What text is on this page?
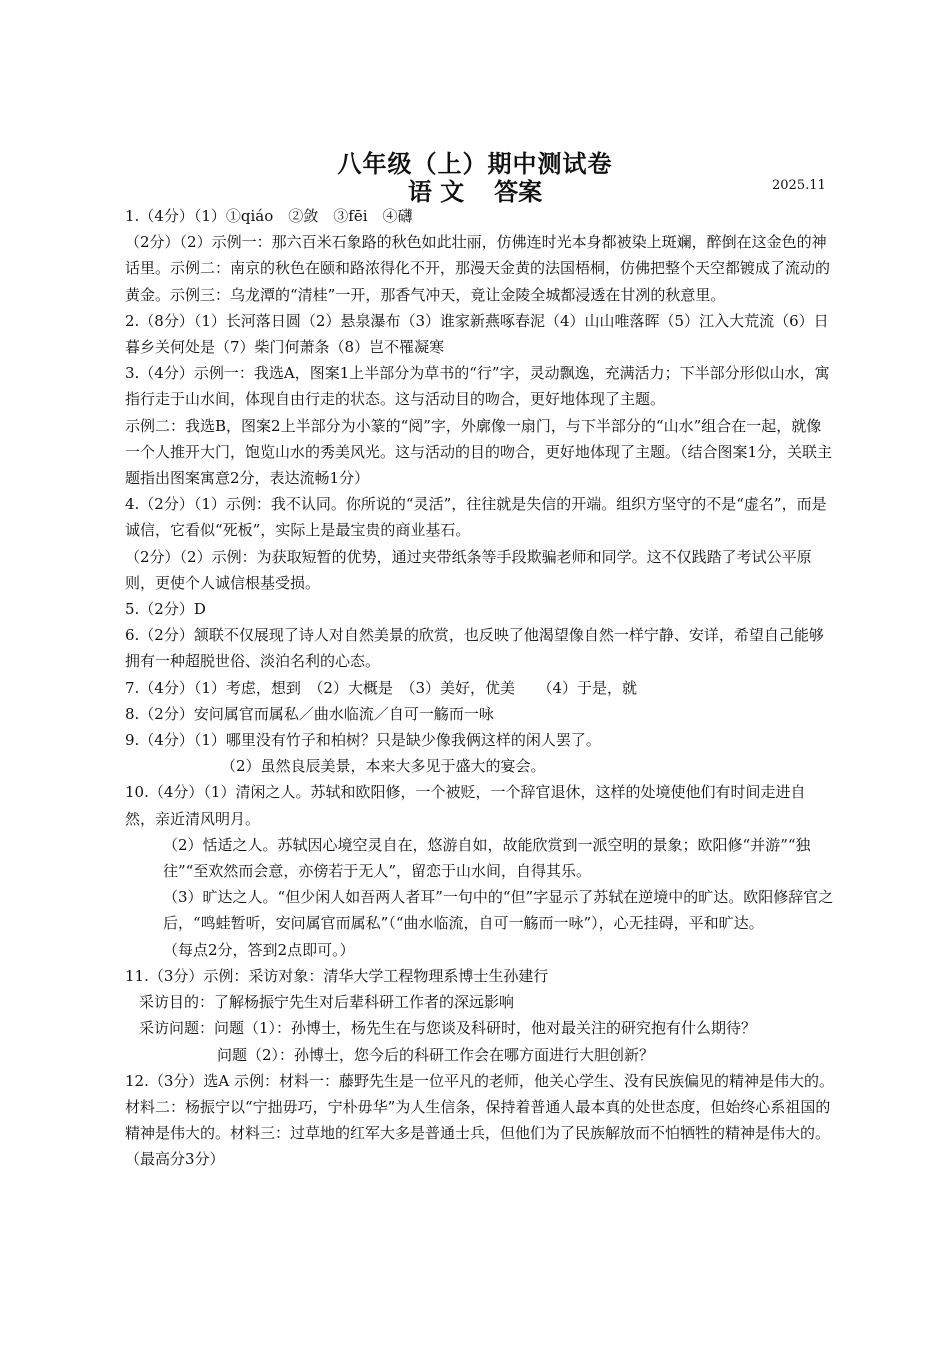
八年级（上）期中测试卷
语 文 答案	2025.11

1.（4分）（1）①qiáo　②敛　③fēi　④礴

（2分）（2）示例一：那六百米石象路的秋色如此壮丽，仿佛连时光本身都被染上斑斓，醉倒在这金色的神话里。示例二：南京的秋色在颐和路浓得化不开，那漫天金黄的法国梧桐，仿佛把整个天空都镀成了流动的黄金。示例三：乌龙潭的“清桂”一开，那香气冲天，竟让金陵全城都浸透在甘冽的秋意里。

2.（8分）（1）长河落日圆（2）悬泉瀑布（3）谁家新燕啄春泥（4）山山唯落晖（5）江入大荒流（6）日暮乡关何处是（7）柴门何萧条（8）岂不罹凝寒

3.（4分）示例一：我选A，图案1上半部分为草书的“行”字，灵动飘逸，充满活力；下半部分形似山水，寓指行走于山水间，体现自由行走的状态。这与活动目的吻合，更好地体现了主题。

示例二：我选B，图案2上半部分为小篆的“阅”字，外廓像一扇门，与下半部分的“山水”组合在一起，就像一个人推开大门，饱览山水的秀美风光。这与活动的目的吻合，更好地体现了主题。（结合图案1分，关联主题指出图案寓意2分，表达流畅1分）

4.（2分）（1）示例：我不认同。你所说的“灵活”，往往就是失信的开端。组织方坚守的不是“虚名”，而是诚信，它看似“死板”，实际上是最宝贵的商业基石。

（2分）（2）示例：为获取短暂的优势，通过夹带纸条等手段欺骗老师和同学。这不仅践踏了考试公平原则，更使个人诚信根基受损。

5.（2分）D

6.（2分）颔联不仅展现了诗人对自然美景的欣赏，也反映了他渴望像自然一样宁静、安详，希望自己能够拥有一种超脱世俗、淡泊名利的心态。

7.（4分）（1）考虑，想到　（2）大概是　（3）美好，优美　　（4）于是，就

8.（2分）安问属官而属私／曲水临流／自可一觞而一咏

9.（4分）（1）哪里没有竹子和柏树？只是缺少像我俩这样的闲人罢了。

（2）虽然良辰美景，本来大多见于盛大的宴会。

10.（4分）（1）清闲之人。苏轼和欧阳修，一个被贬，一个辞官退休，这样的处境使他们有时间走进自然，亲近清风明月。

（2）恬适之人。苏轼因心境空灵自在，悠游自如，故能欣赏到一派空明的景象；欧阳修“并游”“独往”“至欢然而会意，亦傍若于无人”，留恋于山水间，自得其乐。

（3）旷达之人。“但少闲人如吾两人者耳”一句中的“但”字显示了苏轼在逆境中的旷达。欧阳修辞官之后，“鸣蛙暂听，安问属官而属私”（“曲水临流，自可一觞而一咏”），心无挂碍，平和旷达。

（每点2分，答到2点即可。）

11.（3分）示例：采访对象：清华大学工程物理系博士生孙建行

采访目的：了解杨振宁先生对后辈科研工作者的深远影响

采访问题：问题（1）：孙博士，杨先生在与您谈及科研时，他对最关注的研究抱有什么期待？

问题（2）：孙博士，您今后的科研工作会在哪方面进行大胆创新？

12.（3分）选A 示例：材料一：藤野先生是一位平凡的老师，他关心学生、没有民族偏见的精神是伟大的。材料二：杨振宁以“宁拙毋巧，宁朴毋华”为人生信条，保持着普通人最本真的处世态度，但始终心系祖国的精神是伟大的。材料三：过草地的红军大多是普通士兵，但他们为了民族解放而不怕牺牲的精神是伟大的。（最高分3分）
